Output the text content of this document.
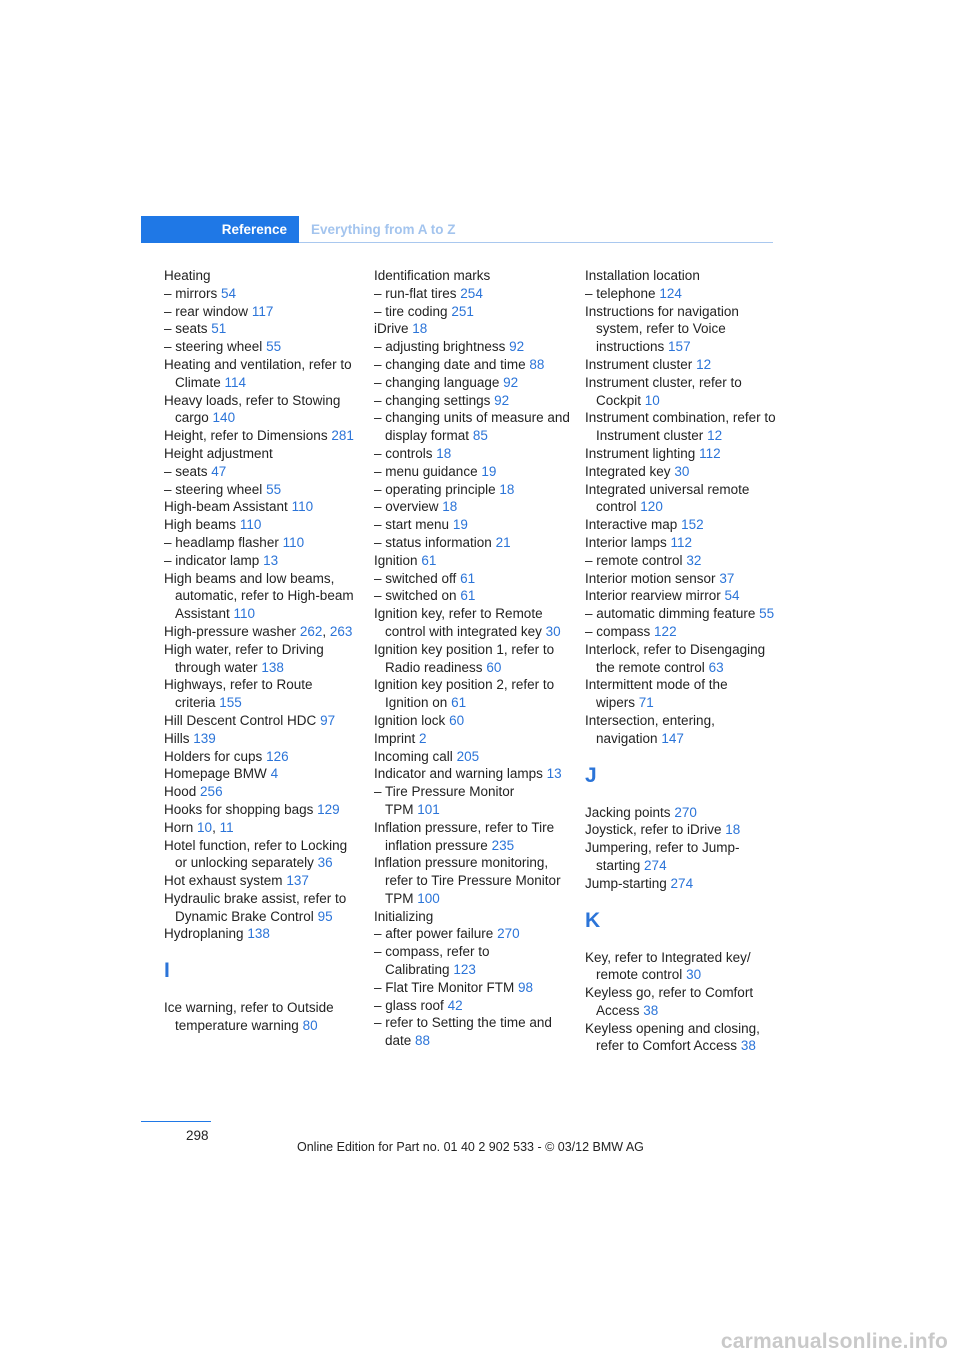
Reference Everything from A to Z

Heating

– mirrors 54

– rear window 117

– seats 51

– steering wheel 55

Heating and ventilation, refer to Climate 114

Heavy loads, refer to Stowing cargo 140

Height, refer to Dimensions 281

Height adjustment

– seats 47

– steering wheel 55

High-beam Assistant 110

High beams 110

– headlamp flasher 110

– indicator lamp 13

High beams and low beams, automatic, refer to High-beam Assistant 110

High-pressure washer 262, 263

High water, refer to Driving through water 138

Highways, refer to Route criteria 155

Hill Descent Control HDC 97

Hills 139

Holders for cups 126

Homepage BMW 4

Hood 256

Hooks for shopping bags 129

Horn 10, 11

Hotel function, refer to Locking or unlocking separately 36

Hot exhaust system 137

Hydraulic brake assist, refer to Dynamic Brake Control 95

Hydroplaning 138

I

Ice warning, refer to Outside temperature warning 80

Identification marks

– run-flat tires 254

– tire coding 251

iDrive 18

– adjusting brightness 92

– changing date and time 88

– changing language 92

– changing settings 92

– changing units of measure and display format 85

– controls 18

– menu guidance 19

– operating principle 18

– overview 18

– start menu 19

– status information 21

Ignition 61

– switched off 61

– switched on 61

Ignition key, refer to Remote control with integrated key 30

Ignition key position 1, refer to Radio readiness 60

Ignition key position 2, refer to Ignition on 61

Ignition lock 60

Imprint 2

Incoming call 205

Indicator and warning lamps 13

– Tire Pressure Monitor TPM 101

Inflation pressure, refer to Tire inflation pressure 235

Inflation pressure monitoring, refer to Tire Pressure Monitor TPM 100

Initializing

– after power failure 270

– compass, refer to Calibrating 123

– Flat Tire Monitor FTM 98

– glass roof 42

– refer to Setting the time and date 88

Installation location

– telephone 124

Instructions for navigation system, refer to Voice instructions 157

Instrument cluster 12

Instrument cluster, refer to Cockpit 10

Instrument combination, refer to Instrument cluster 12

Instrument lighting 112

Integrated key 30

Integrated universal remote control 120

Interactive map 152

Interior lamps 112

– remote control 32

Interior motion sensor 37

Interior rearview mirror 54

– automatic dimming feature 55

– compass 122

Interlock, refer to Disengaging the remote control 63

Intermittent mode of the wipers 71

Intersection, entering, navigation 147

J

Jacking points 270

Joystick, refer to iDrive 18

Jumpering, refer to Jump-starting 274

Jump-starting 274

K

Key, refer to Integrated key/ remote control 30

Keyless go, refer to Comfort Access 38

Keyless opening and closing, refer to Comfort Access 38

298
Online Edition for Part no. 01 40 2 902 533 - © 03/12 BMW AG
carmanualsonline.info
